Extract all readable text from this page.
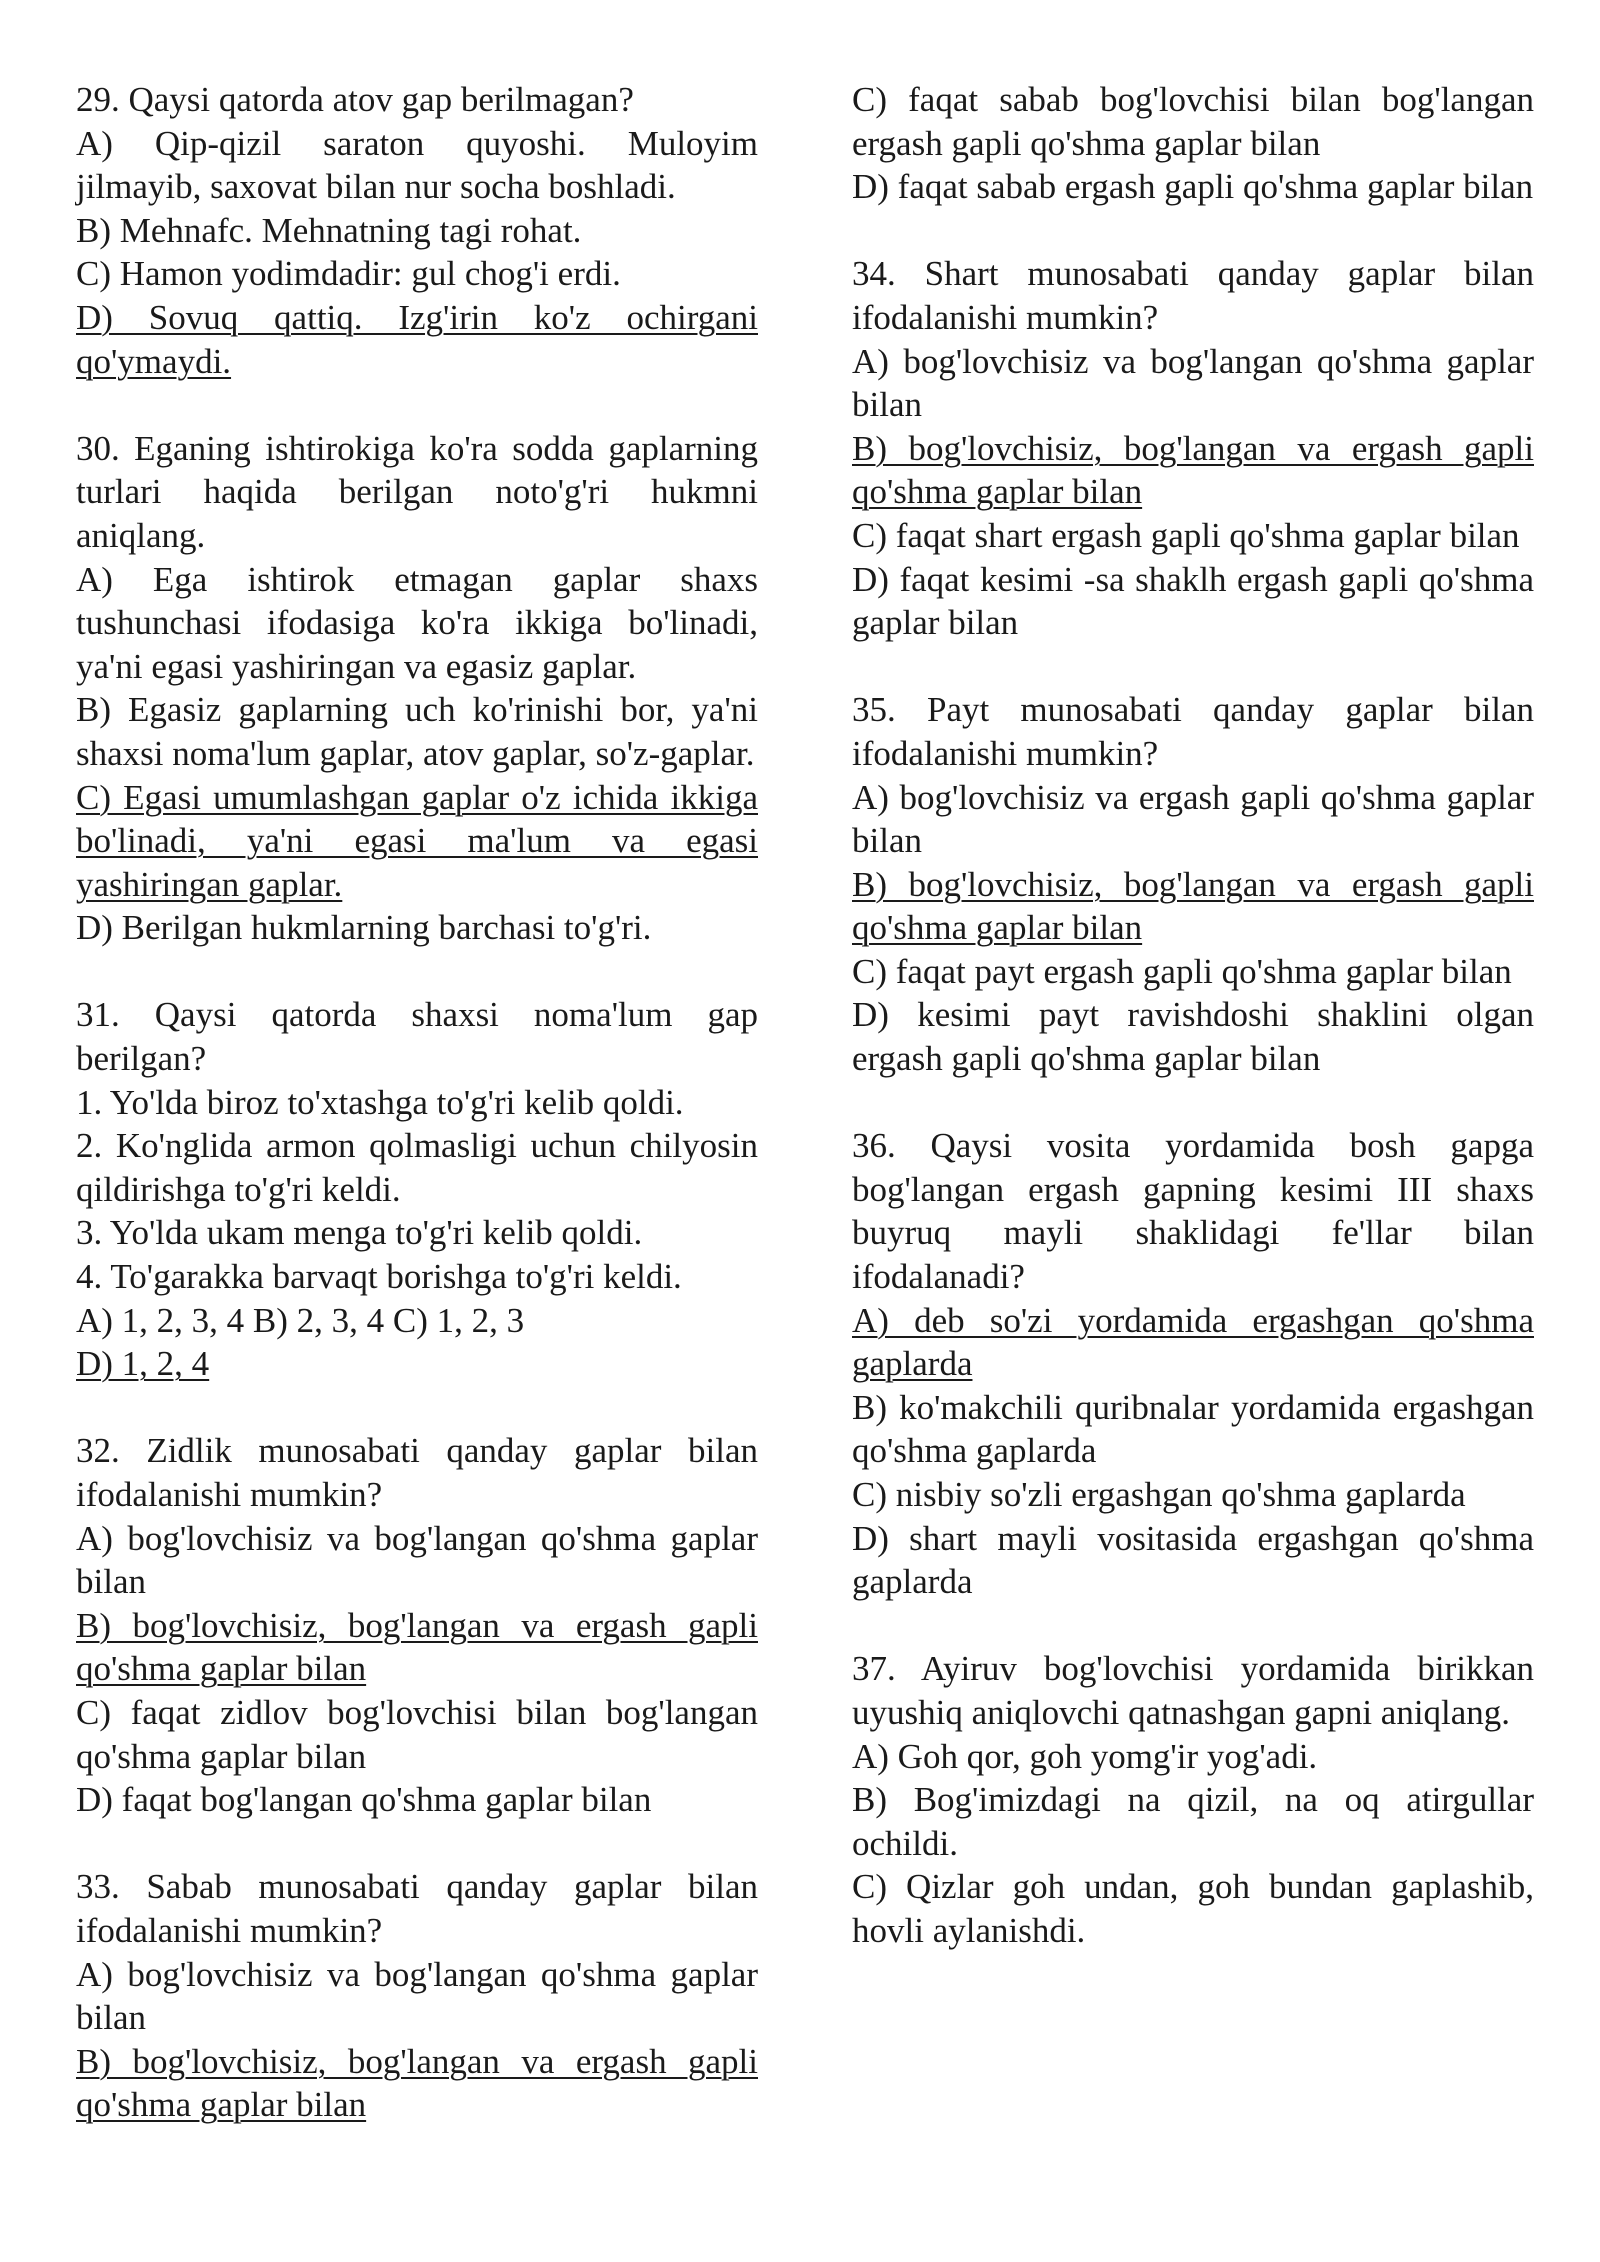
29. Qaysi qatorda atov gap berilmagan?

A) Qip-qizil saraton quyoshi. Muloyim jilmayib, saxovat bilan nur socha boshladi.

B) Mehnafc. Mehnatning tagi rohat.

C) Hamon yodimdadir: gul chog'i erdi.

D) Sovuq qattiq. Izg'irin ko'z ochirgani qo'ymaydi.

30. Eganing ishtirokiga ko'ra sodda gaplarning turlari haqida berilgan noto'g'ri hukmni aniqlang.

A) Ega ishtirok etmagan gaplar shaxs tushunchasi ifodasiga ko'ra ikkiga bo'linadi, ya'ni egasi yashiringan va egasiz gaplar.

B) Egasiz gaplarning uch ko'rinishi bor, ya'ni shaxsi noma'lum gaplar, atov gaplar, so'z-gaplar.

C) Egasi umumlashgan gaplar o'z ichida ikkiga bo'linadi, ya'ni egasi ma'lum va egasi yashiringan gaplar.

D) Berilgan hukmlarning barchasi to'g'ri.

31. Qaysi qatorda shaxsi noma'lum gap berilgan?

1. Yo'lda biroz to'xtashga to'g'ri kelib qoldi.

2. Ko'nglida armon qolmasligi uchun chilyosin qildirishga to'g'ri keldi.

3. Yo'lda ukam menga to'g'ri kelib qoldi.

4. To'garakka barvaqt borishga to'g'ri keldi.

A) 1, 2, 3, 4 B) 2, 3, 4 C) 1, 2, 3

D) 1, 2, 4

32. Zidlik munosabati qanday gaplar bilan ifodalanishi mumkin?

A) bog'lovchisiz va bog'langan qo'shma gaplar bilan

B) bog'lovchisiz, bog'langan va ergash gapli qo'shma gaplar bilan

C) faqat zidlov bog'lovchisi bilan bog'langan qo'shma gaplar bilan

D) faqat bog'langan qo'shma gaplar bilan

33. Sabab munosabati qanday gaplar bilan ifodalanishi mumkin?

A) bog'lovchisiz va bog'langan qo'shma gaplar bilan

B) bog'lovchisiz, bog'langan va ergash gapli qo'shma gaplar bilan

C) faqat sabab bog'lovchisi bilan bog'langan ergash gapli qo'shma gaplar bilan

D) faqat sabab ergash gapli qo'shma gaplar bilan

34. Shart munosabati qanday gaplar bilan ifodalanishi mumkin?

A) bog'lovchisiz va bog'langan qo'shma gaplar bilan

B) bog'lovchisiz, bog'langan va ergash gapli qo'shma gaplar bilan

C) faqat shart ergash gapli qo'shma gaplar bilan

D) faqat kesimi -sa shaklh ergash gapli qo'shma gaplar bilan

35. Payt munosabati qanday gaplar bilan ifodalanishi mumkin?

A) bog'lovchisiz va ergash gapli qo'shma gaplar bilan

B) bog'lovchisiz, bog'langan va ergash gapli qo'shma gaplar bilan

C) faqat payt ergash gapli qo'shma gaplar bilan

D) kesimi payt ravishdoshi shaklini olgan ergash gapli qo'shma gaplar bilan

36. Qaysi vosita yordamida bosh gapga bog'langan ergash gapning kesimi III shaxs buyruq mayli shaklidagi fe'llar bilan ifodalanadi?

A) deb so'zi yordamida ergashgan qo'shma gaplarda

B) ko'makchili quribnalar yordamida ergashgan qo'shma gaplarda

C) nisbiy so'zli ergashgan qo'shma gaplarda

D) shart mayli vositasida ergashgan qo'shma gaplarda

37. Ayiruv bog'lovchisi yordamida birikkan uyushiq aniqlovchi qatnashgan gapni aniqlang.

A) Goh qor, goh yomg'ir yog'adi.

B) Bog'imizdagi na qizil, na oq atirgullar ochildi.

C) Qizlar goh undan, goh bundan gaplashib, hovli aylanishdi.
